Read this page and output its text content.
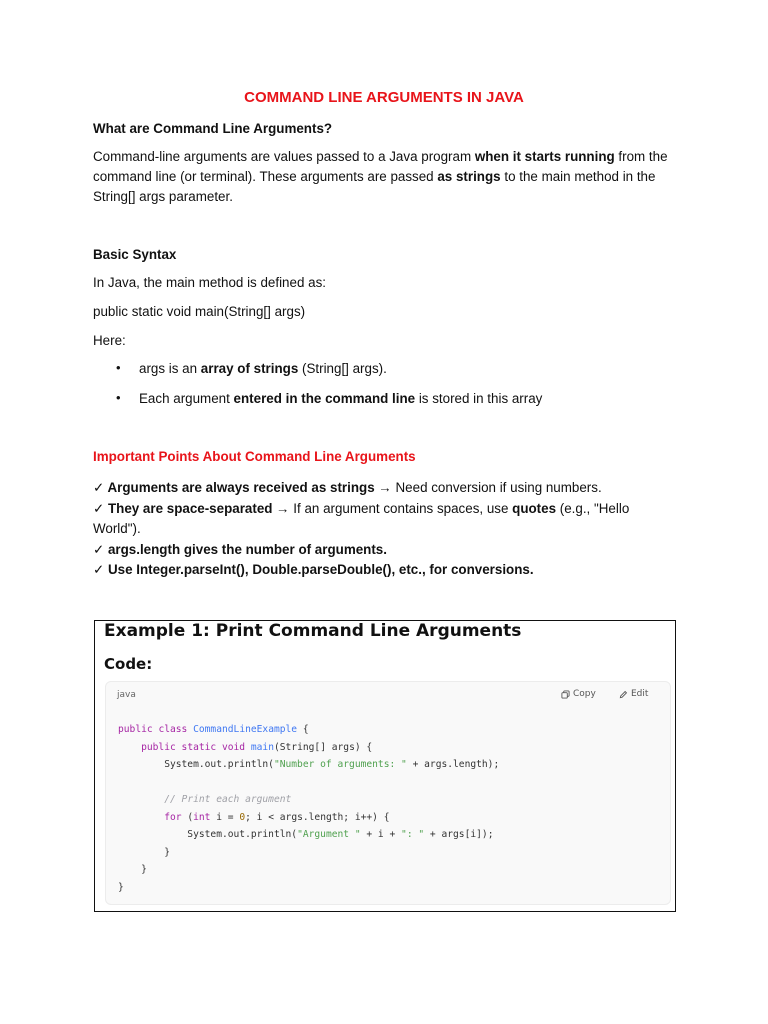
COMMAND LINE ARGUMENTS IN JAVA
What are Command Line Arguments?

Command-line arguments are values passed to a Java program when it starts running from the command line (or terminal). These arguments are passed as strings to the main method in the String[] args parameter.

Basic Syntax
In Java, the main method is defined as:
public static void main(String[] args)
Here:
• args is an array of strings (String[] args).
• Each argument entered in the command line is stored in this array
Important Points About Command Line Arguments
✓ Arguments are always received as strings → Need conversion if using numbers.
✓ They are space-separated → If an argument contains spaces, use quotes (e.g., "Hello World").
✓ args.length gives the number of arguments.
✓ Use Integer.parseInt(), Double.parseDouble(), etc., for conversions.
Example 1: Print Command Line Arguments
Code:
java	Copy	Edit
public class CommandLineExample {
public static void main(String[] args) {
System.out.println("Number of arguments: " + args.length);

// Print each argument
for (int i = 0; i < args.length; i++) {
System.out.println("Argument " + i + ": " + args[i]);
}
}
}
